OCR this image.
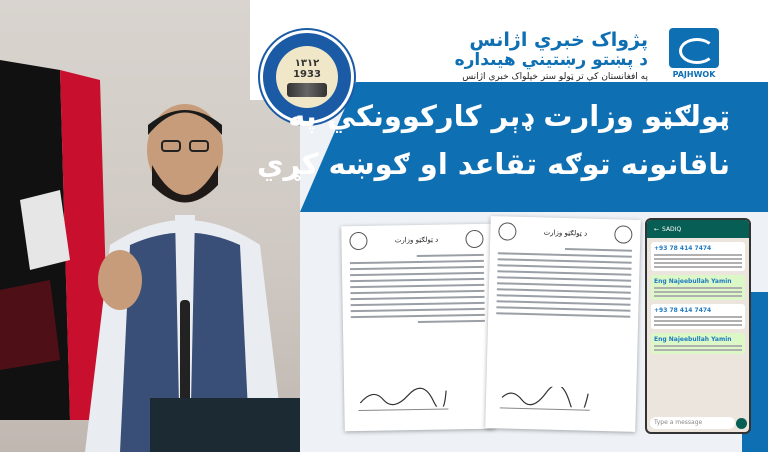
۱۳۱۲
1933
پژواک خبري اژانس
د پښتو رښتيني هيىداره
په افغانستان کې تر ټولو ستر خپلواک خبري اژانس	PAJHWOK
ټولګټو وزارت ډېر کارکوونکي په
ناقانونه توګه تقاعد او ګوښه کړي
د ټولګټو وزارت
د ټولګټو وزارت	← SADIQ
+93 78 414 7474
Eng Najeebullah Yamin
+93 78 414 7474
Eng Najeebullah Yamin
Type a message
